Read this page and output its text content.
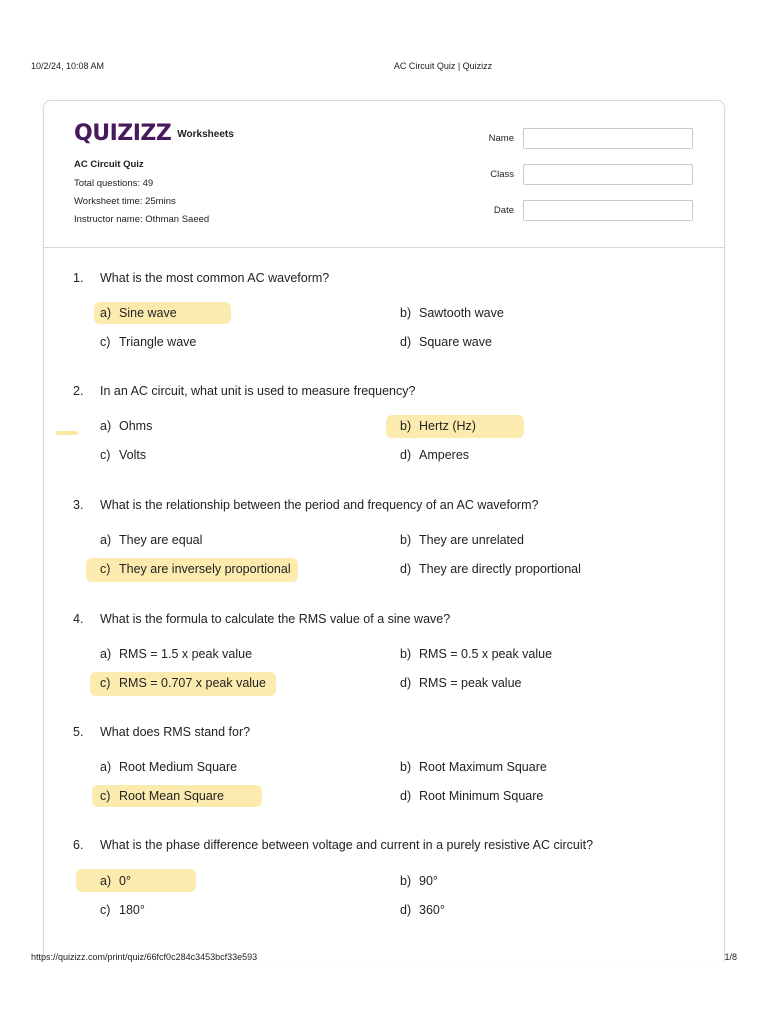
10/2/24, 10:08 AM	AC Circuit Quiz | Quizizz
QUIZIZZ Worksheets
AC Circuit Quiz
Total questions: 49
Worksheet time: 25mins
Instructor name: Othman Saeed
Name
Class
Date
1. What is the most common AC waveform?
a) Sine wave	b) Sawtooth wave
c) Triangle wave	d) Square wave
2. In an AC circuit, what unit is used to measure frequency?
a) Ohms	b) Hertz (Hz)
c) Volts	d) Amperes
3. What is the relationship between the period and frequency of an AC waveform?
a) They are equal	b) They are unrelated
c) They are inversely proportional	d) They are directly proportional
4. What is the formula to calculate the RMS value of a sine wave?
a) RMS = 1.5 x peak value	b) RMS = 0.5 x peak value
c) RMS = 0.707 x peak value	d) RMS = peak value
5. What does RMS stand for?
a) Root Medium Square	b) Root Maximum Square
c) Root Mean Square	d) Root Minimum Square
6. What is the phase difference between voltage and current in a purely resistive AC circuit?
a) 0°	b) 90°
c) 180°	d) 360°
https://quizizz.com/print/quiz/66fcf0c284c3453bcf33e593	1/8
